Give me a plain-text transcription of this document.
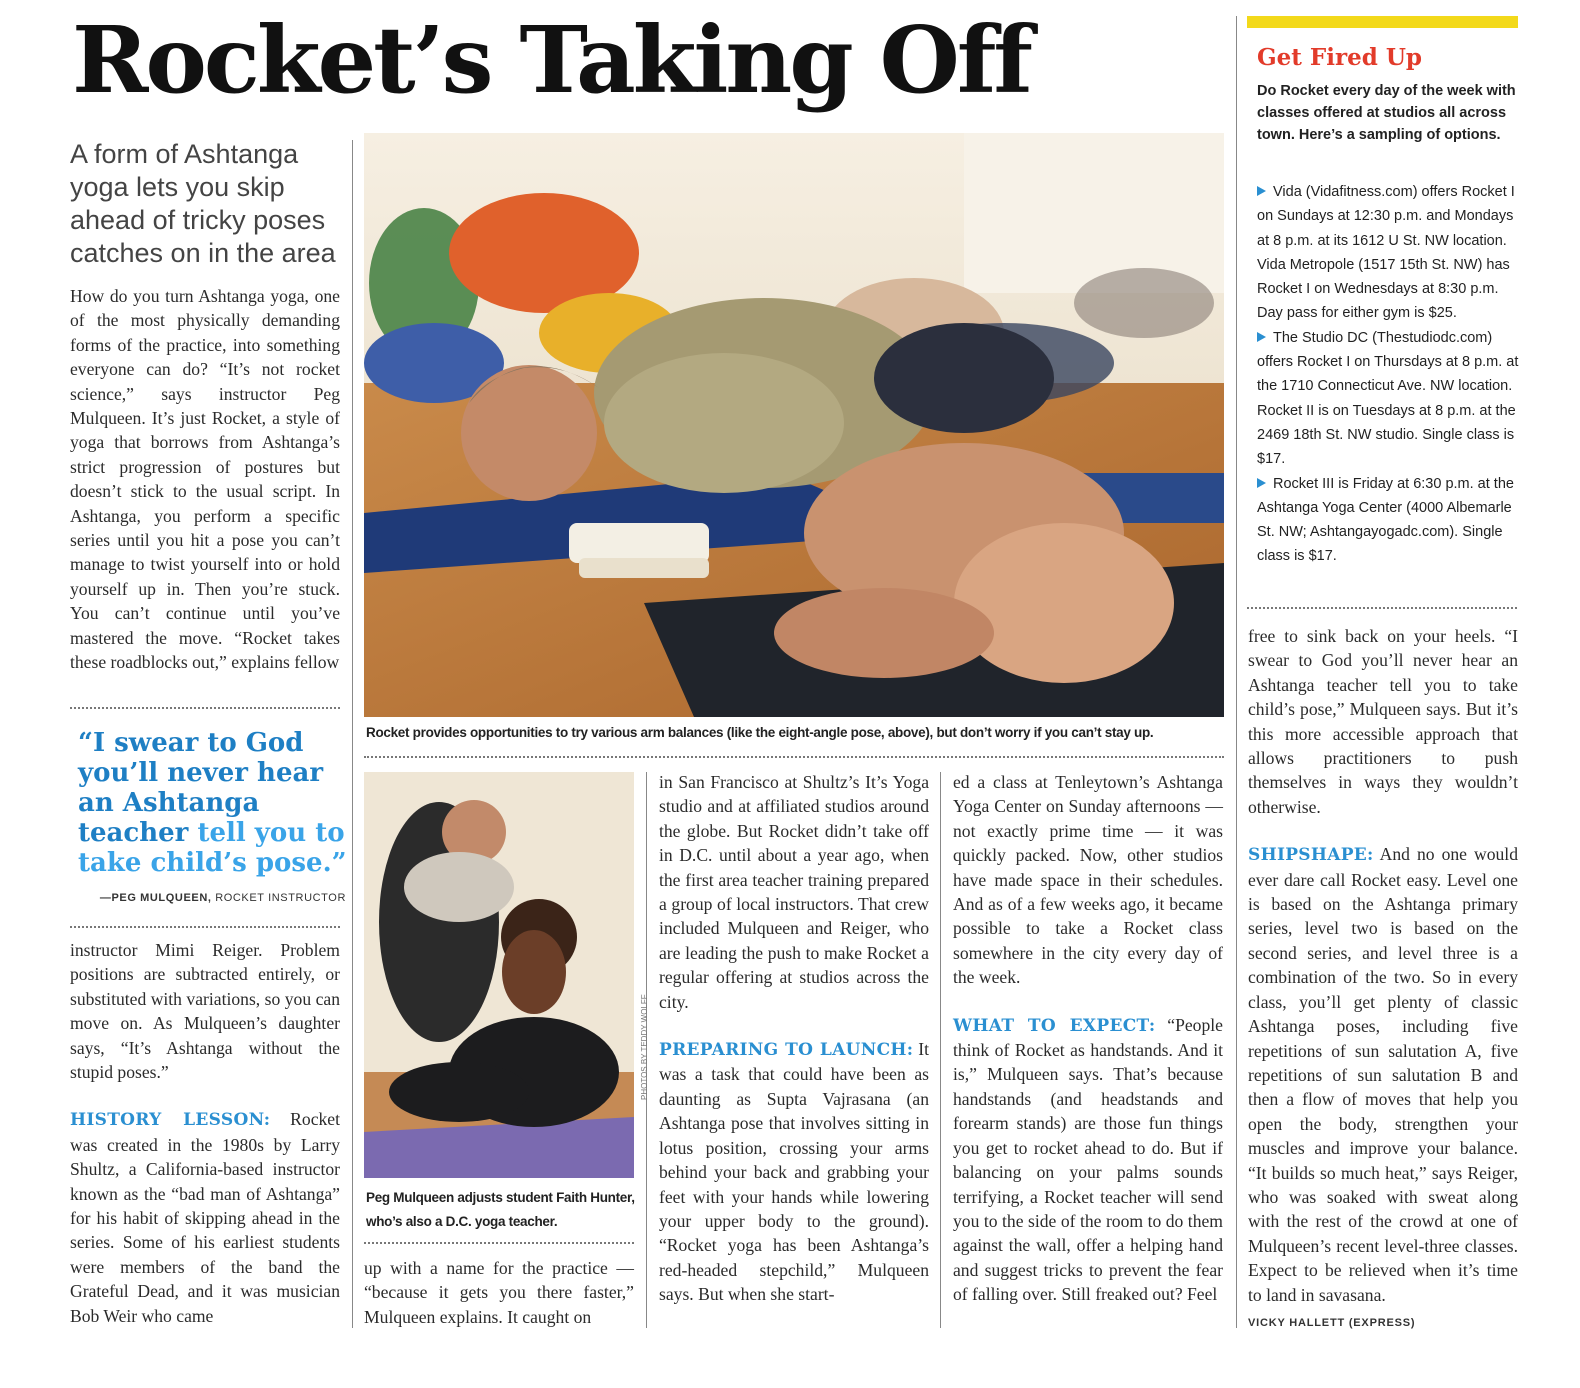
Rocket’s Taking Off
A form of Ashtanga yoga lets you skip ahead of tricky poses catches on in the area

How do you turn Ashtanga yoga, one of the most physically demanding forms of the practice, into something everyone can do? “It’s not rocket science,” says instructor Peg Mulqueen. It’s just Rocket, a style of yoga that borrows from Ashtanga’s strict progression of postures but doesn’t stick to the usual script. In Ashtanga, you perform a specific series until you hit a pose you can’t manage to twist yourself into or hold yourself up in. Then you’re stuck. You can’t continue until you’ve mastered the move. “Rocket takes these roadblocks out,” explains fellow

“I swear to God you’ll never hear an Ashtanga teacher tell you to take child’s pose.”
—PEG MULQUEEN, ROCKET INSTRUCTOR

instructor Mimi Reiger. Problem positions are subtracted entirely, or substituted with variations, so you can move on. As Mulqueen’s daughter says, “It’s Ashtanga without the stupid poses.”

HISTORY LESSON: Rocket was created in the 1980s by Larry Shultz, a California-based instructor known as the “bad man of Ashtanga” for his habit of skipping ahead in the series. Some of his earliest students were members of the band the Grateful Dead, and it was musician Bob Weir who came

Rocket provides opportunities to try various arm balances (like the eight-angle pose, above), but don’t worry if you can’t stay up.
PHOTOS BY TEDDY WOLFF
Peg Mulqueen adjusts student Faith Hunter, who’s also a D.C. yoga teacher.

up with a name for the practice — “because it gets you there faster,” Mulqueen explains. It caught on

in San Francisco at Shultz’s It’s Yoga studio and at affiliated studios around the globe. But Rocket didn’t take off in D.C. until about a year ago, when the first area teacher training prepared a group of local instructors. That crew included Mulqueen and Reiger, who are leading the push to make Rocket a regular offering at studios across the city.

PREPARING TO LAUNCH: It was a task that could have been as daunting as Supta Vajrasana (an Ashtanga pose that involves sitting in lotus position, crossing your arms behind your back and grabbing your feet with your hands while lowering your upper body to the ground). “Rocket yoga has been Ashtanga’s red-headed stepchild,” Mulqueen says. But when she start-

ed a class at Tenleytown’s Ashtanga Yoga Center on Sunday afternoons — not exactly prime time — it was quickly packed. Now, other studios have made space in their schedules. And as of a few weeks ago, it became possible to take a Rocket class somewhere in the city every day of the week.

WHAT TO EXPECT: “People think of Rocket as handstands. And it is,” Mulqueen says. That’s because handstands (and headstands and forearm stands) are those fun things you get to rocket ahead to do. But if balancing on your palms sounds terrifying, a Rocket teacher will send you to the side of the room to do them against the wall, offer a helping hand and suggest tricks to prevent the fear of falling over. Still freaked out? Feel

Get Fired Up
Do Rocket every day of the week with classes offered at studios all across town. Here’s a sampling of options.

Vida (Vidafitness.com) offers Rocket I on Sundays at 12:30 p.m. and Mondays at 8 p.m. at its 1612 U St. NW location. Vida Metropole (1517 15th St. NW) has Rocket I on Wednesdays at 8:30 p.m. Day pass for either gym is $25.

The Studio DC (Thestudiodc.com) offers Rocket I on Thursdays at 8 p.m. at the 1710 Connecticut Ave. NW location. Rocket II is on Tuesdays at 8 p.m. at the 2469 18th St. NW studio. Single class is $17.

Rocket III is Friday at 6:30 p.m. at the Ashtanga Yoga Center (4000 Albemarle St. NW; Ashtangayogadc.com). Single class is $17.

free to sink back on your heels. “I swear to God you’ll never hear an Ashtanga teacher tell you to take child’s pose,” Mulqueen says. But it’s this more accessible approach that allows practitioners to push themselves in ways they wouldn’t otherwise.

SHIPSHAPE: And no one would ever dare call Rocket easy. Level one is based on the Ashtanga primary series, level two is based on the second series, and level three is a combination of the two. So in every class, you’ll get plenty of classic Ashtanga poses, including five repetitions of sun salutation A, five repetitions of sun salutation B and then a flow of moves that help you open the body, strengthen your muscles and improve your balance. “It builds so much heat,” says Reiger, who was soaked with sweat along with the rest of the crowd at one of Mulqueen’s recent level-three classes. Expect to be relieved when it’s time to land in savasana.

VICKY HALLETT (EXPRESS)
